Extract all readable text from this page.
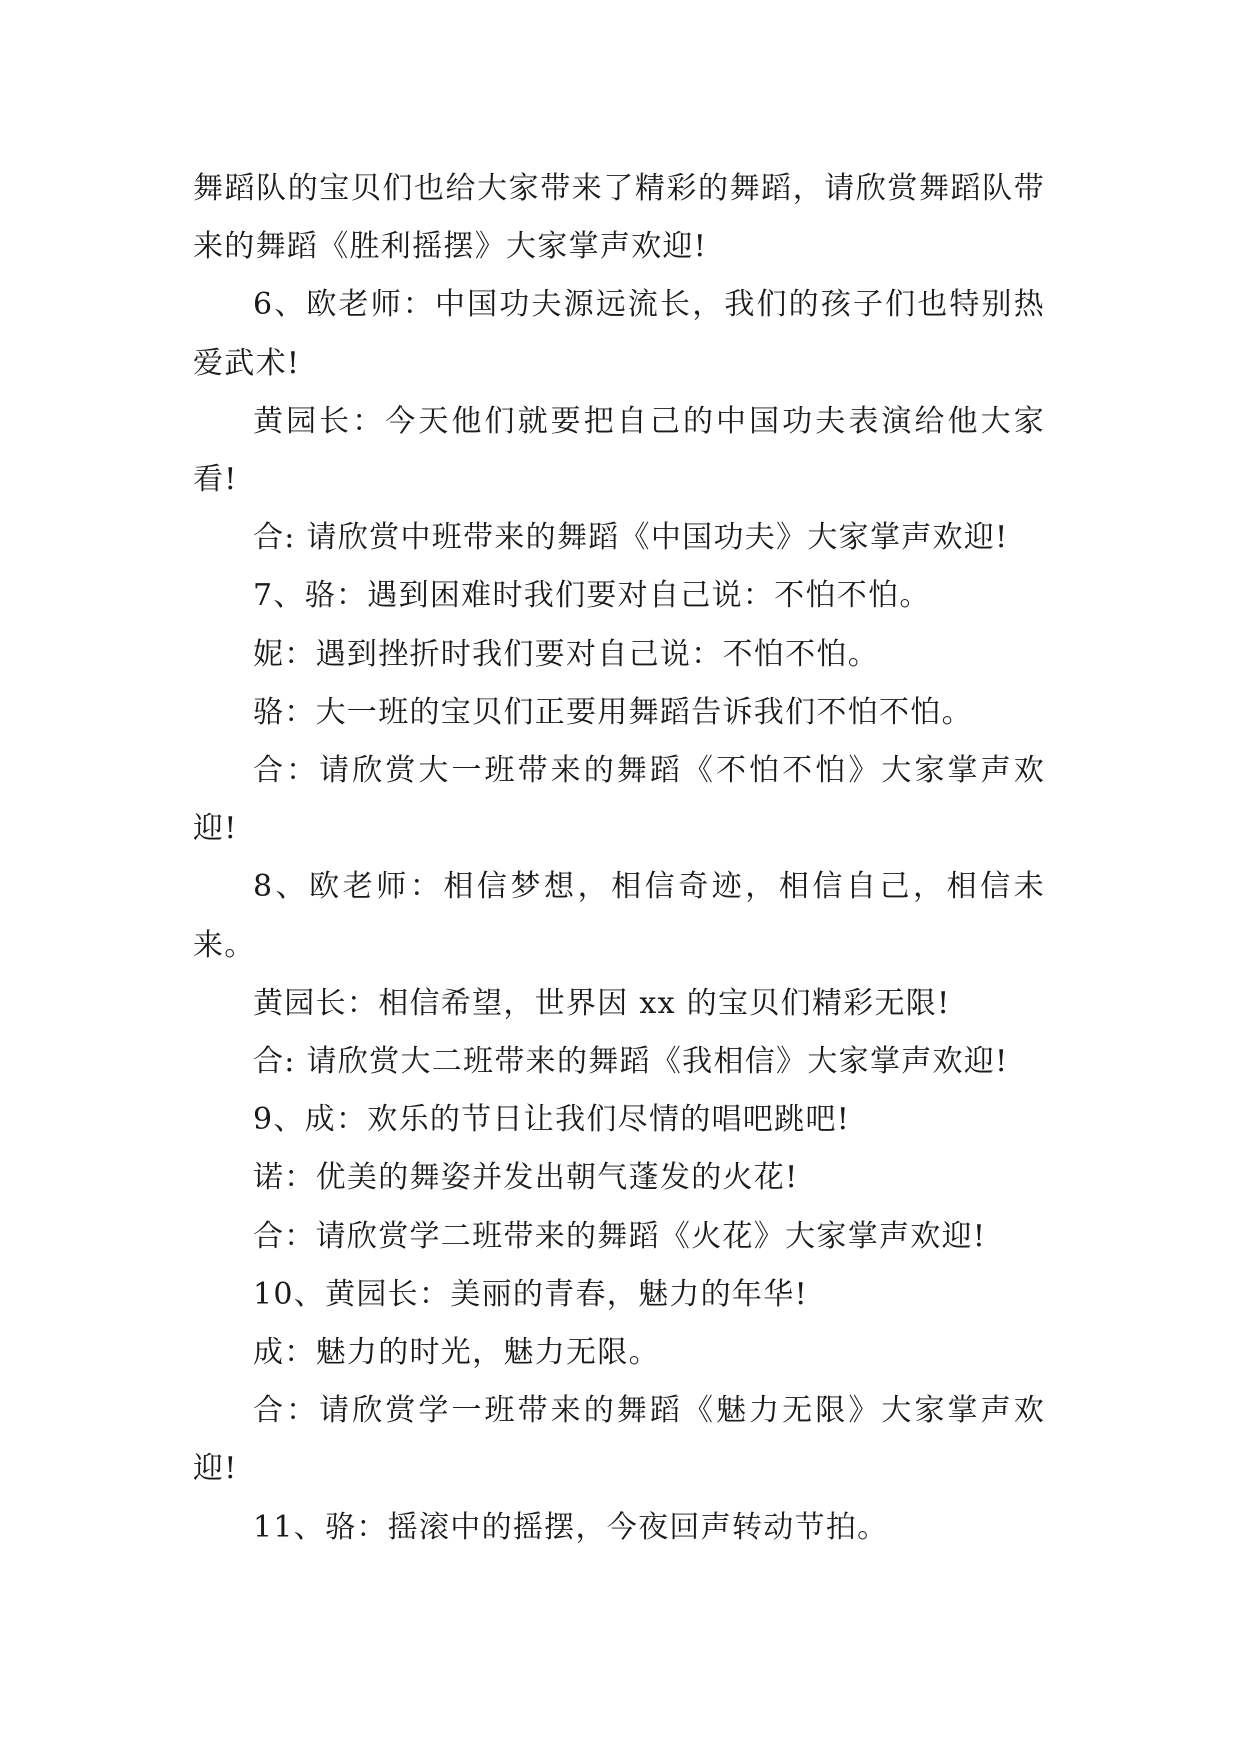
舞蹈队的宝贝们也给大家带来了精彩的舞蹈，请欣赏舞蹈队带来的舞蹈《胜利摇摆》大家掌声欢迎!

6、欧老师：中国功夫源远流长，我们的孩子们也特别热爱武术!

黄园长：今天他们就要把自己的中国功夫表演给他大家看!

合: 请欣赏中班带来的舞蹈《中国功夫》大家掌声欢迎!

7、骆：遇到困难时我们要对自己说：不怕不怕。

妮：遇到挫折时我们要对自己说：不怕不怕。

骆：大一班的宝贝们正要用舞蹈告诉我们不怕不怕。

合：请欣赏大一班带来的舞蹈《不怕不怕》大家掌声欢迎!

8、欧老师：相信梦想，相信奇迹，相信自己，相信未来。

黄园长：相信希望，世界因 xx 的宝贝们精彩无限!

合: 请欣赏大二班带来的舞蹈《我相信》大家掌声欢迎!

9、成：欢乐的节日让我们尽情的唱吧跳吧!

诺：优美的舞姿并发出朝气蓬发的火花!

合：请欣赏学二班带来的舞蹈《火花》大家掌声欢迎!

10、黄园长：美丽的青春，魅力的年华!

成：魅力的时光，魅力无限。

合：请欣赏学一班带来的舞蹈《魅力无限》大家掌声欢迎!

11、骆：摇滚中的摇摆，今夜回声转动节拍。
